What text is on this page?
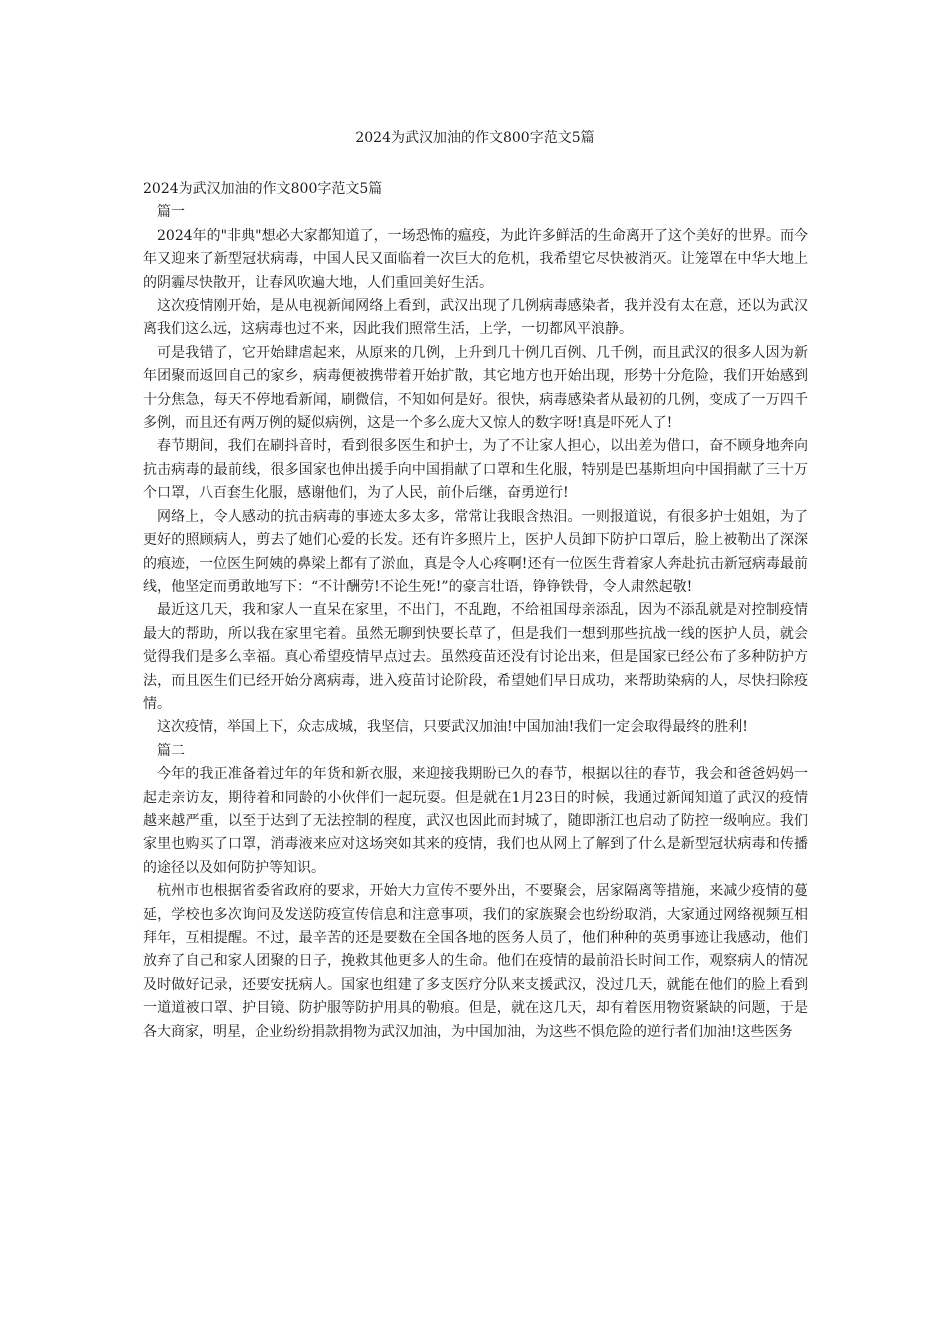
2024为武汉加油的作文800字范文5篇

2024为武汉加油的作文800字范文5篇

篇一

2024年的"非典"想必大家都知道了，一场恐怖的瘟疫，为此许多鲜活的生命离开了这个美好的世界。而今年又迎来了新型冠状病毒，中国人民又面临着一次巨大的危机，我希望它尽快被消灭。让笼罩在中华大地上的阴霾尽快散开，让春风吹遍大地，人们重回美好生活。

这次疫情刚开始，是从电视新闻网络上看到，武汉出现了几例病毒感染者，我并没有太在意，还以为武汉离我们这么远，这病毒也过不来，因此我们照常生活，上学，一切都风平浪静。

可是我错了，它开始肆虐起来，从原来的几例，上升到几十例几百例、几千例，而且武汉的很多人因为新年团聚而返回自己的家乡，病毒便被携带着开始扩散，其它地方也开始出现，形势十分危险，我们开始感到十分焦急，每天不停地看新闻，刷微信，不知如何是好。很快，病毒感染者从最初的几例，变成了一万四千多例，而且还有两万例的疑似病例，这是一个多么庞大又惊人的数字呀!真是吓死人了!

春节期间，我们在刷抖音时，看到很多医生和护士，为了不让家人担心，以出差为借口，奋不顾身地奔向抗击病毒的最前线，很多国家也伸出援手向中国捐献了口罩和生化服，特别是巴基斯坦向中国捐献了三十万个口罩，八百套生化服，感谢他们，为了人民，前仆后继，奋勇逆行!

网络上，令人感动的抗击病毒的事迹太多太多，常常让我眼含热泪。一则报道说，有很多护士姐姐，为了更好的照顾病人，剪去了她们心爱的长发。还有许多照片上，医护人员卸下防护口罩后，脸上被勒出了深深的痕迹，一位医生阿姨的鼻梁上都有了淤血，真是令人心疼啊!还有一位医生背着家人奔赴抗击新冠病毒最前线，他坚定而勇敢地写下：“不计酬劳!不论生死!”的豪言壮语，铮铮铁骨，令人肃然起敬!

最近这几天，我和家人一直呆在家里，不出门，不乱跑，不给祖国母亲添乱，因为不添乱就是对控制疫情最大的帮助，所以我在家里宅着。虽然无聊到快要长草了，但是我们一想到那些抗战一线的医护人员，就会觉得我们是多么幸福。真心希望疫情早点过去。虽然疫苗还没有讨论出来，但是国家已经公布了多种防护方法，而且医生们已经开始分离病毒，进入疫苗讨论阶段，希望她们早日成功，来帮助染病的人，尽快扫除疫情。

这次疫情，举国上下，众志成城，我坚信，只要武汉加油!中国加油!我们一定会取得最终的胜利!

篇二

今年的我正准备着过年的年货和新衣服，来迎接我期盼已久的春节，根据以往的春节，我会和爸爸妈妈一起走亲访友，期待着和同龄的小伙伴们一起玩耍。但是就在1月23日的时候，我通过新闻知道了武汉的疫情越来越严重，以至于达到了无法控制的程度，武汉也因此而封城了，随即浙江也启动了防控一级响应。我们家里也购买了口罩，消毒液来应对这场突如其来的疫情，我们也从网上了解到了什么是新型冠状病毒和传播的途径以及如何防护等知识。

杭州市也根据省委省政府的要求，开始大力宣传不要外出，不要聚会，居家隔离等措施，来减少疫情的蔓延，学校也多次询问及发送防疫宣传信息和注意事项，我们的家族聚会也纷纷取消，大家通过网络视频互相拜年，互相提醒。不过，最辛苦的还是要数在全国各地的医务人员了，他们种种的英勇事迹让我感动，他们放弃了自己和家人团聚的日子，挽救其他更多人的生命。他们在疫情的最前沿长时间工作，观察病人的情况及时做好记录，还要安抚病人。国家也组建了多支医疗分队来支援武汉，没过几天，就能在他们的脸上看到一道道被口罩、护目镜、防护服等防护用具的勒痕。但是，就在这几天，却有着医用物资紧缺的问题，于是各大商家，明星，企业纷纷捐款捐物为武汉加油，为中国加油，为这些不惧危险的逆行者们加油!这些医务
